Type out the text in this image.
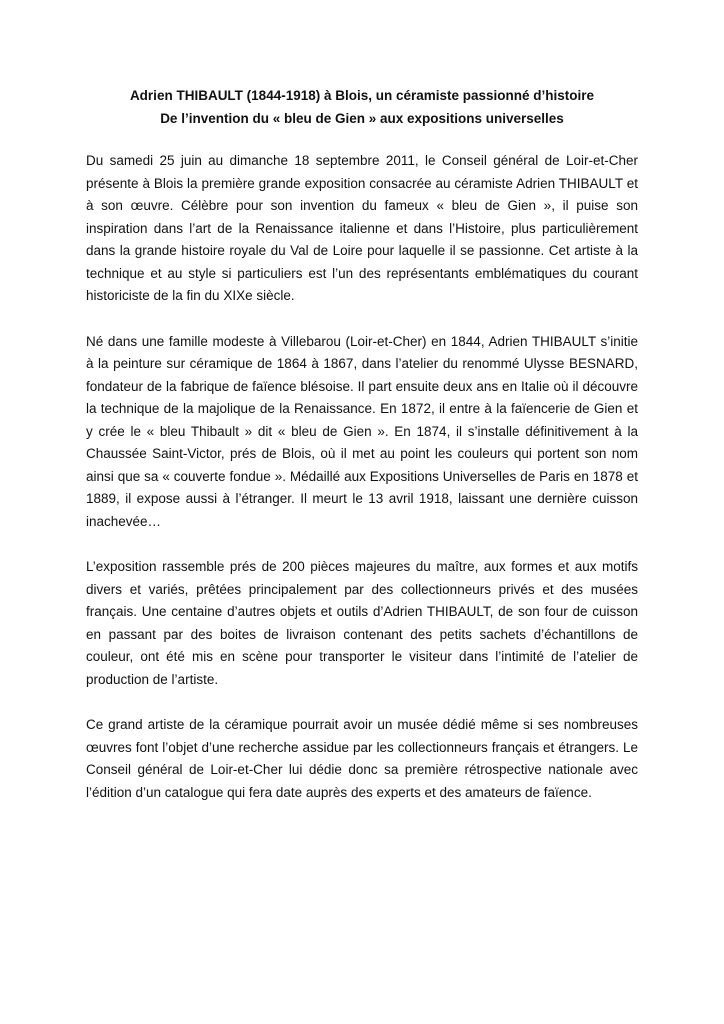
Adrien THIBAULT (1844-1918) à Blois, un céramiste passionné d’histoire
De l’invention du « bleu de Gien » aux expositions universelles

Du samedi 25 juin au dimanche 18 septembre 2011, le Conseil général de Loir-et-Cher présente à Blois la première grande exposition consacrée au céramiste Adrien THIBAULT et à son œuvre. Célèbre pour son invention du fameux « bleu de Gien », il puise son inspiration dans l’art de la Renaissance italienne et dans l’Histoire, plus particulièrement dans la grande histoire royale du Val de Loire pour laquelle il se passionne. Cet artiste à la technique et au style si particuliers est l’un des représentants emblématiques du courant historiciste de la fin du XIXe siècle.

Né dans une famille modeste à Villebarou (Loir-et-Cher) en 1844, Adrien THIBAULT s’initie à la peinture sur céramique de 1864 à 1867, dans l’atelier du renommé Ulysse BESNARD, fondateur de la fabrique de faïence blésoise. Il part ensuite deux ans en Italie où il découvre la technique de la majolique de la Renaissance. En 1872, il entre à la faïencerie de Gien et y crée le « bleu Thibault » dit « bleu de Gien ». En 1874, il s’installe définitivement à la Chaussée Saint-Victor, prés de Blois, où il met au point les couleurs qui portent son nom ainsi que sa « couverte fondue ». Médaillé aux Expositions Universelles de Paris en 1878 et 1889, il expose aussi à l’étranger. Il meurt le 13 avril 1918, laissant une dernière cuisson inachevée…

L’exposition rassemble prés de 200 pièces majeures du maître, aux formes et aux motifs divers et variés, prêtées principalement par des collectionneurs privés et des musées français. Une centaine d’autres objets et outils d’Adrien THIBAULT, de son four de cuisson en passant par des boites de livraison contenant des petits sachets d’échantillons de couleur, ont été mis en scène pour transporter le visiteur dans l’intimité de l’atelier de production de l’artiste.

Ce grand artiste de la céramique pourrait avoir un musée dédié même si ses nombreuses œuvres font l’objet d’une recherche assidue par les collectionneurs français et étrangers. Le Conseil général de Loir-et-Cher lui dédie donc sa première rétrospective nationale avec l’édition d’un catalogue qui fera date auprès des experts et des amateurs de faïence.
